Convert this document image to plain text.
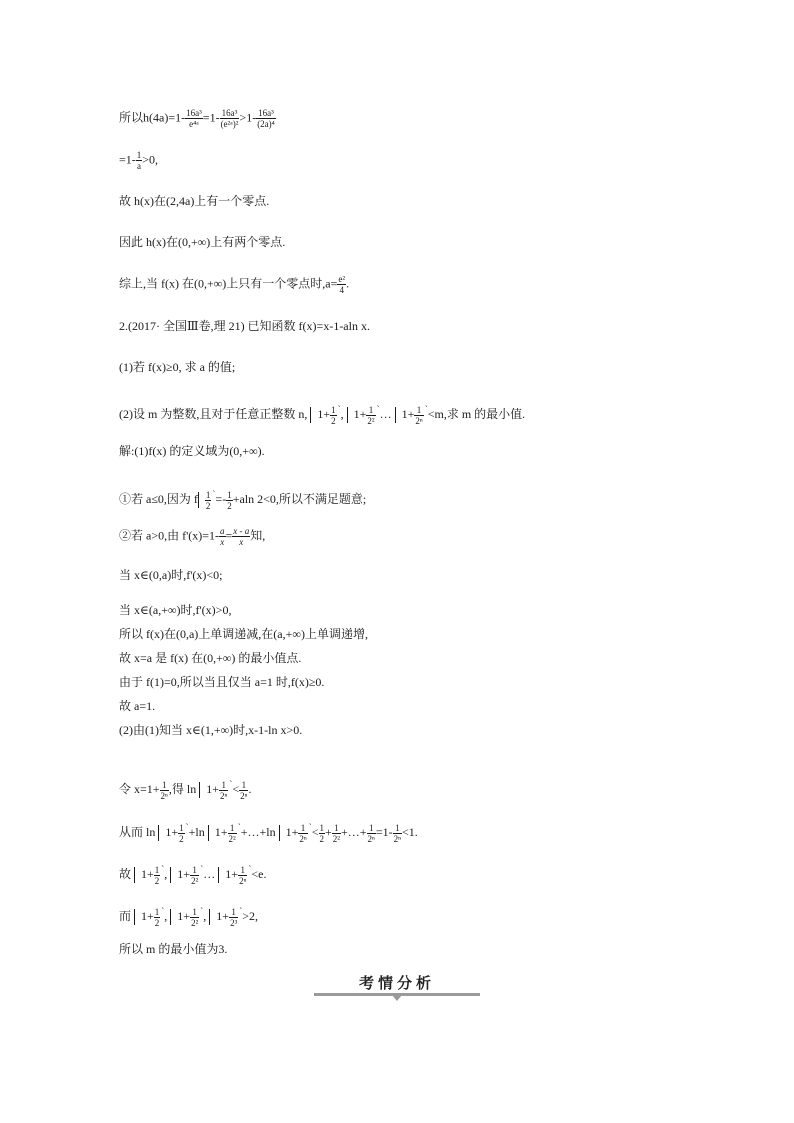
所以$h(4a)=1- \frac{\text{16a³}}{\text{e⁴ᵃ}} =1- \frac{\text{16a³}}{\text{(e²ᵃ)²}} >1- \frac{\text{16a³}}{\text{(2a)⁴}}$
$=1- \frac{1}{a} >0$,
故 h(x)在(2,4a)上有一个零点.
因此 h(x)在(0,+∞)上有两个零点.
综上,当 f(x) 在(0,+∞)上只有一个零点时$,a= \frac{\text{e²}}{4}$ .
2.(2017· 全国Ⅲ卷,理 21) 已知函数 f(x)=x-1-aln x.
(1)若 f(x)≥0, 求 a 的值;
(2)设 m 为整数,且对于任意正整数 n, $1+ \frac{1}{2} ^ˋ$, $1+ \frac{1}{\text{2²}}$ $^ˋ$… $1+ \frac{1}{\text{2ⁿ}} ^ˋ<m$,求 m 的最小值.
解:(1)f(x) 的定义域为(0,+∞).
①若 a≤0,因为 f $\frac{1}{2} ^ˋ=- \frac{1}{2} +aln$ 2<0,所以不满足题意;
②若 a>0,由 $f'(x)=1- \frac{a}{x} = \frac{x - a}{x}$ 知,
当 x∈(0,a)时,f'(x)<0;
当 x∈(a,+∞)时,f'(x)>0,
所以 f(x)在(0,a)上单调递减,在(a,+∞)上单调递增,
故 x=a 是 f(x) 在(0,+∞) 的最小值点.
由于 f(1)=0,所以当且仅当 a=1 时,f(x)≥0.
故 a=1.
(2)由(1)知当 x∈(1,+∞)时,x-1-ln x>0.
令 $x=1+ \frac{1}{\text{2ⁿ}}$ ,得 $\ln 1+ \frac{1}{\text{2ⁿ}} ^ˋ< \frac{1}{\text{2ⁿ}}$ .
从而 $\ln 1+ \frac{1}{2} ^ˋ+\ln$ $1+ \frac{1}{\text{2²}}$ $^ˋ$+…+ln $1+ \frac{1}{\text{2ⁿ}} ^ˋ< \frac{1}{2} + \frac{1}{\text{2²}}$ +…+ $\frac{1}{\text{2ⁿ}} =1- \frac{1}{\text{2ⁿ}} <1$.
故 $1+ \frac{1}{2} ^ˋ$, $1+ \frac{1}{\text{2²}}$ $^ˋ$… $1+ \frac{1}{\text{2ⁿ}} ^ˋ<e$.
而 $1+ \frac{1}{2} ^ˋ$, $1+ \frac{1}{\text{2²}} ^ˋ$, $1+ \frac{1}{\text{2³}} ^ˋ>2$,
所以 m 的最小值为3.
考情分析
